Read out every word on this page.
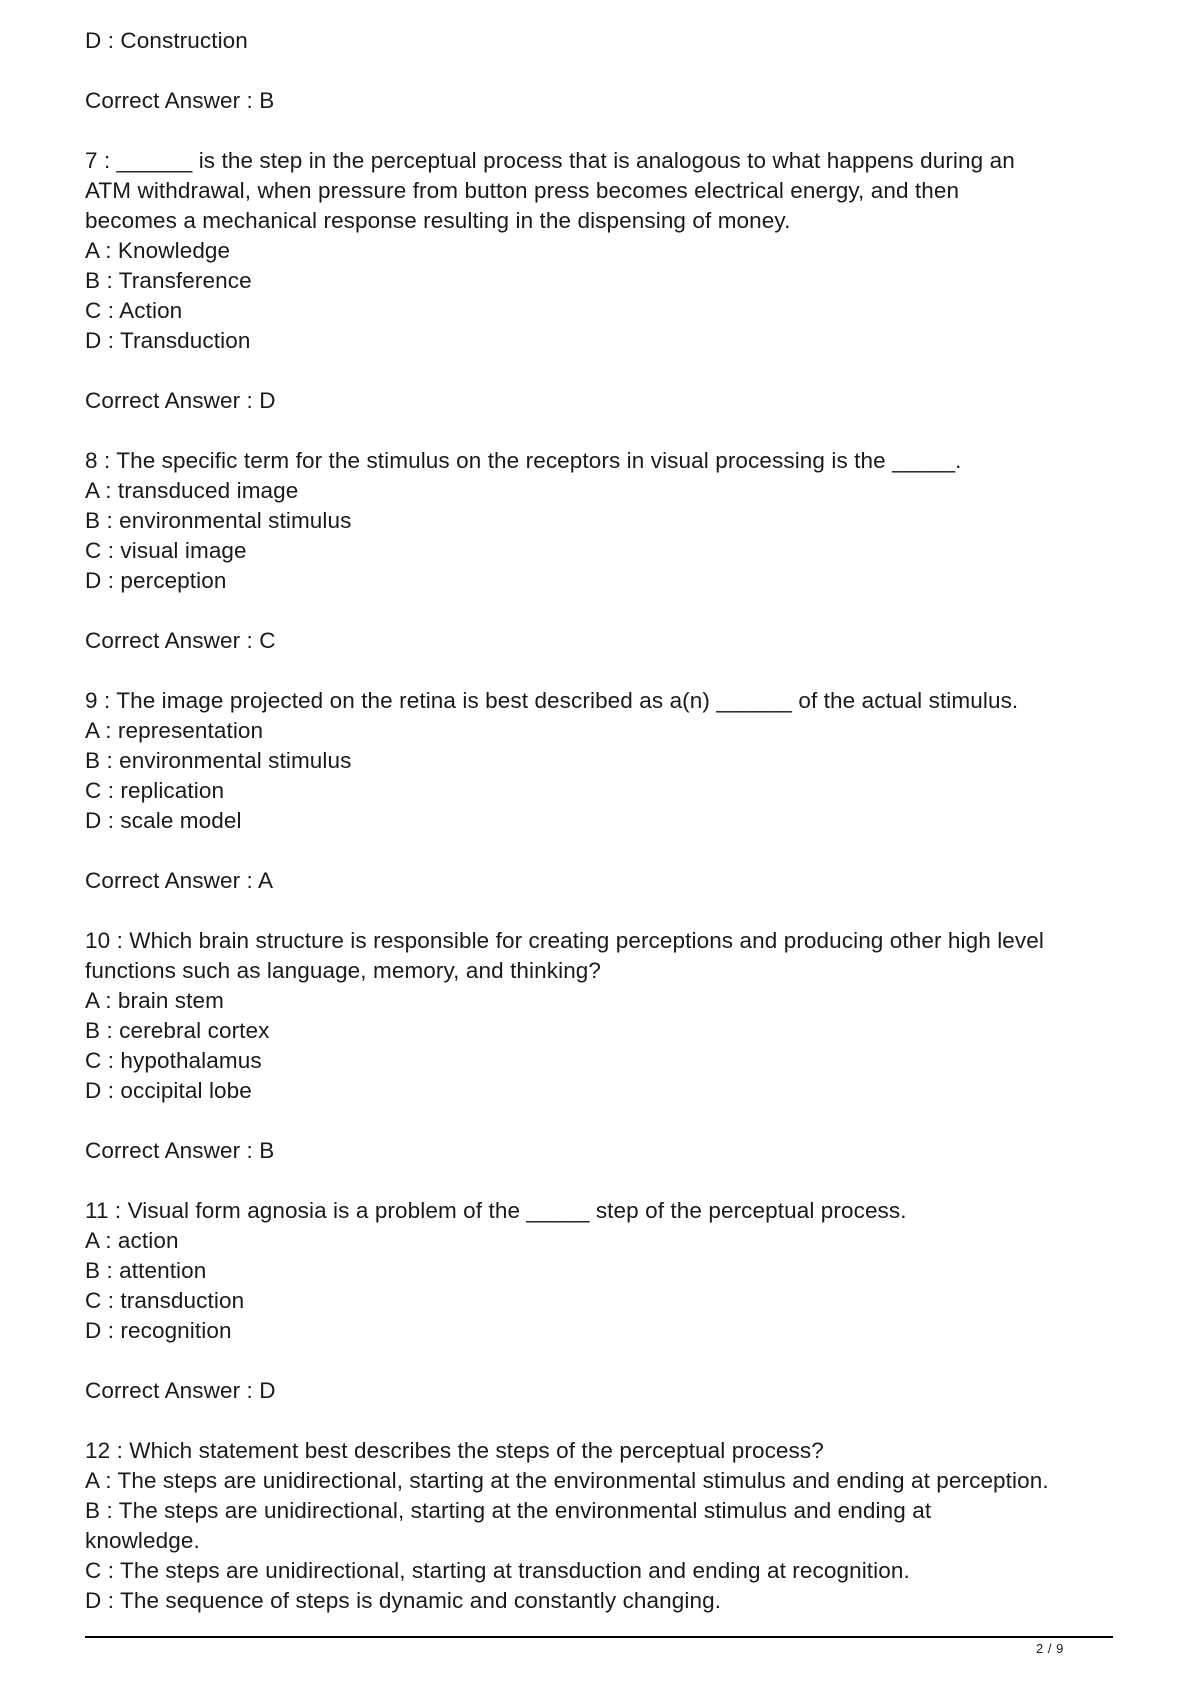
D : Construction
Correct Answer : B
7 : ______ is the step in the perceptual process that is analogous to what happens during an
ATM withdrawal, when pressure from button press becomes electrical energy, and then
becomes a mechanical response resulting in the dispensing of money.
A : Knowledge
B : Transference
C : Action
D : Transduction
Correct Answer : D
8 : The specific term for the stimulus on the receptors in visual processing is the _____.
A : transduced image
B : environmental stimulus
C : visual image
D : perception
Correct Answer : C
9 : The image projected on the retina is best described as a(n) ______ of the actual stimulus.
A : representation
B : environmental stimulus
C : replication
D : scale model
Correct Answer : A
10 : Which brain structure is responsible for creating perceptions and producing other high level
functions such as language, memory, and thinking?
A : brain stem
B : cerebral cortex
C : hypothalamus
D : occipital lobe
Correct Answer : B
11 : Visual form agnosia is a problem of the _____ step of the perceptual process.
A : action
B : attention
C : transduction
D : recognition
Correct Answer : D
12 : Which statement best describes the steps of the perceptual process?
A : The steps are unidirectional, starting at the environmental stimulus and ending at perception.
B : The steps are unidirectional, starting at the environmental stimulus and ending at
knowledge.
C : The steps are unidirectional, starting at transduction and ending at recognition.
D : The sequence of steps is dynamic and constantly changing.
2 / 9
